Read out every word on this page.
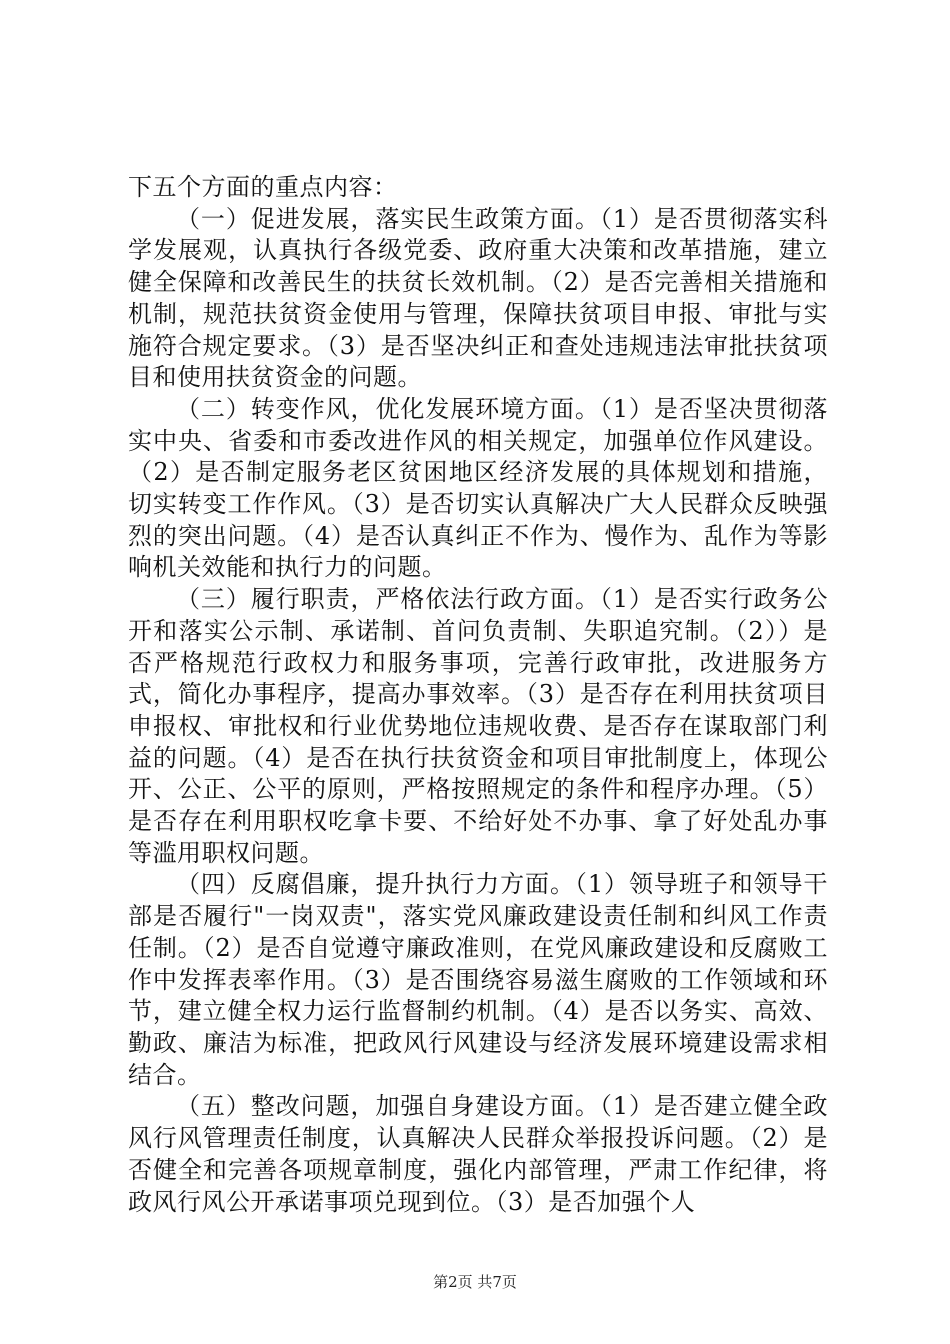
下五个方面的重点内容：

（一）促进发展，落实民生政策方面。（1）是否贯彻落实科学发展观，认真执行各级党委、政府重大决策和改革措施，建立健全保障和改善民生的扶贫长效机制。（2）是否完善相关措施和机制，规范扶贫资金使用与管理，保障扶贫项目申报、审批与实施符合规定要求。（3）是否坚决纠正和查处违规违法审批扶贫项目和使用扶贫资金的问题。

（二）转变作风，优化发展环境方面。（1）是否坚决贯彻落实中央、省委和市委改进作风的相关规定，加强单位作风建设。（2）是否制定服务老区贫困地区经济发展的具体规划和措施，切实转变工作作风。（3）是否切实认真解决广大人民群众反映强烈的突出问题。（4）是否认真纠正不作为、慢作为、乱作为等影响机关效能和执行力的问题。

（三）履行职责，严格依法行政方面。（1）是否实行政务公开和落实公示制、承诺制、首问负责制、失职追究制。（2））是否严格规范行政权力和服务事项，完善行政审批，改进服务方式，简化办事程序，提高办事效率。（3）是否存在利用扶贫项目申报权、审批权和行业优势地位违规收费、是否存在谋取部门利益的问题。（4）是否在执行扶贫资金和项目审批制度上，体现公开、公正、公平的原则，严格按照规定的条件和程序办理。（5）是否存在利用职权吃拿卡要、不给好处不办事、拿了好处乱办事等滥用职权问题。

（四）反腐倡廉，提升执行力方面。（1）领导班子和领导干部是否履行"一岗双责"，落实党风廉政建设责任制和纠风工作责任制。（2）是否自觉遵守廉政准则，在党风廉政建设和反腐败工作中发挥表率作用。（3）是否围绕容易滋生腐败的工作领域和环节，建立健全权力运行监督制约机制。（4）是否以务实、高效、勤政、廉洁为标准，把政风行风建设与经济发展环境建设需求相结合。

（五）整改问题，加强自身建设方面。（1）是否建立健全政风行风管理责任制度，认真解决人民群众举报投诉问题。（2）是否健全和完善各项规章制度，强化内部管理，严肃工作纪律，将政风行风公开承诺事项兑现到位。（3）是否加强个人

第2页 共7页
